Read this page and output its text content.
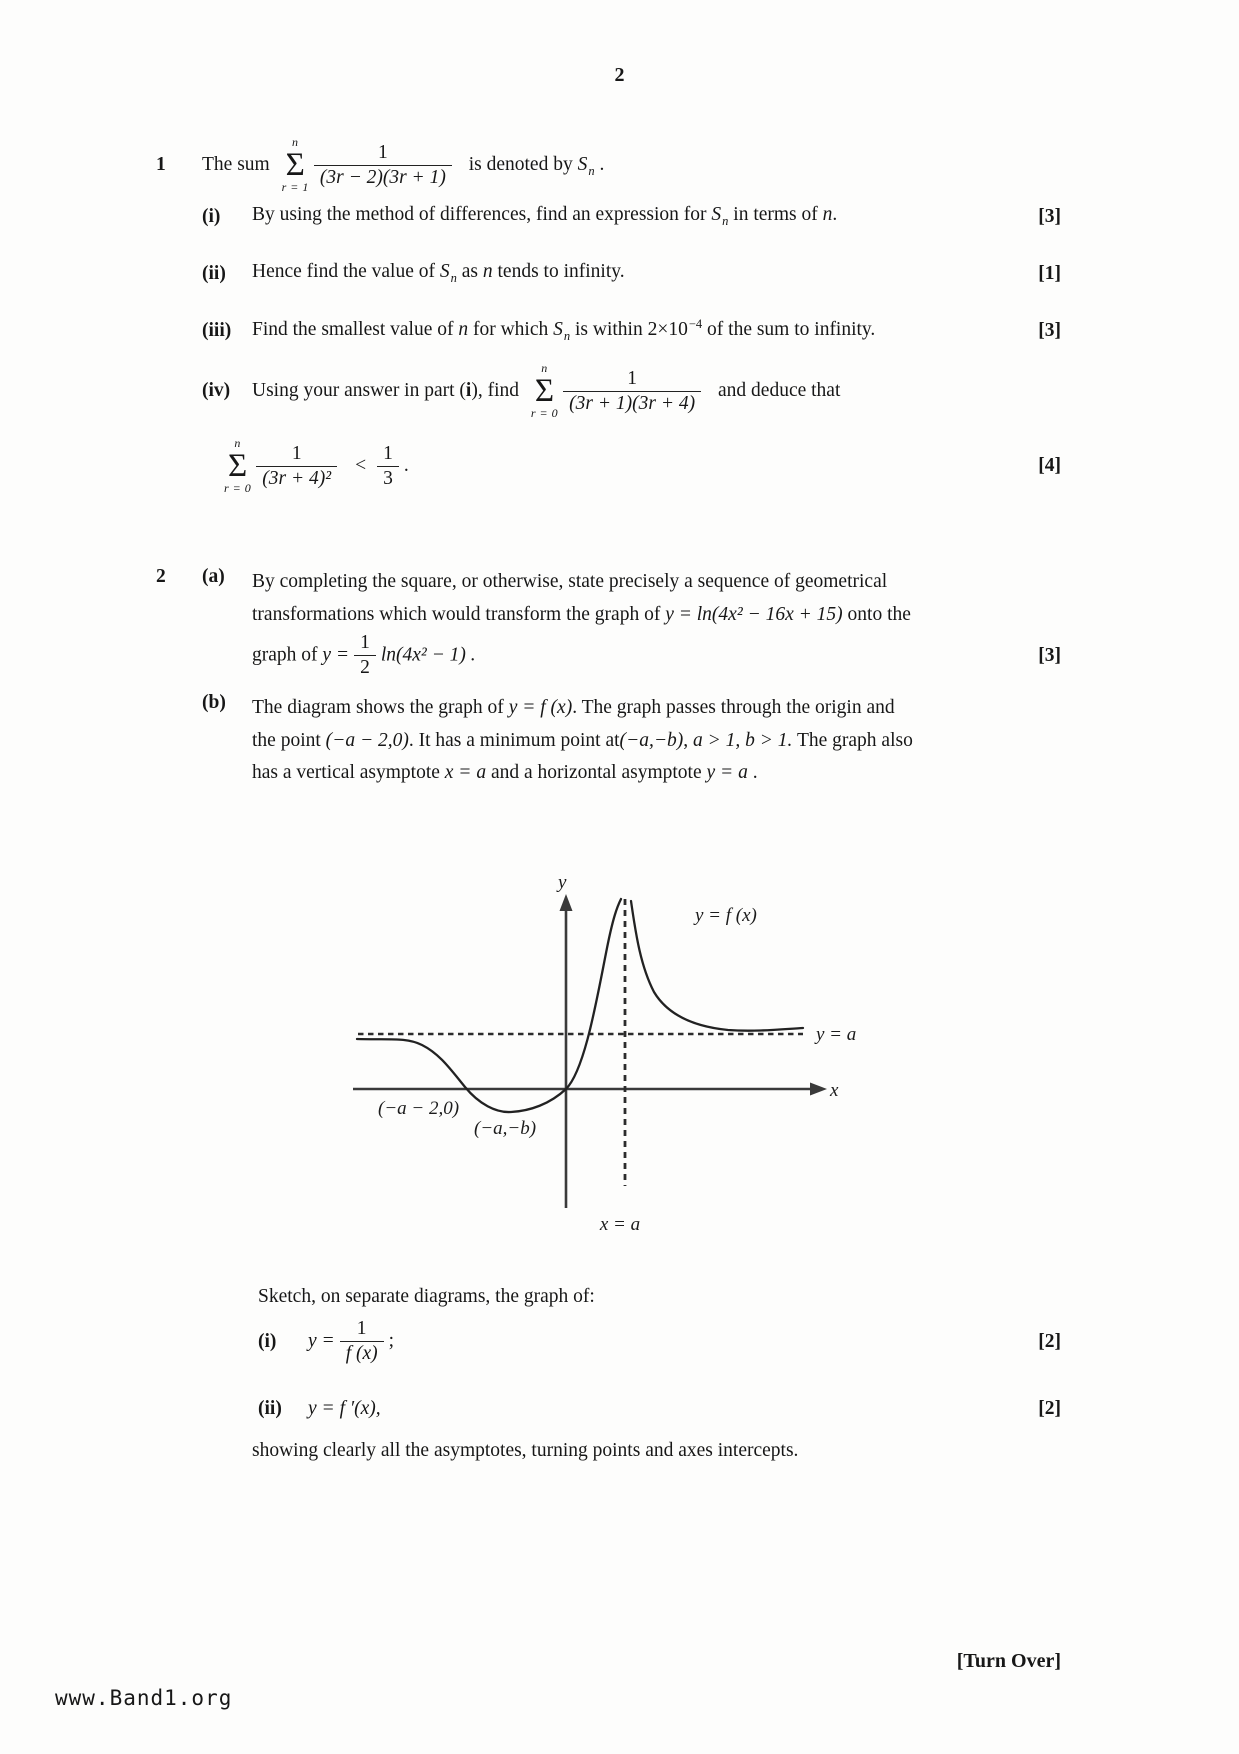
2
1	The sum
n
Σ
$r = 1 \frac{1}{(3r - 2)(3r + 1)}$ is denoted by $S_n$ .
(i)	By using the method of differences, find an expression for $S_n$ in terms of n.	[3]
(ii)	Hence find the value of $S_n$ as n tends to infinity.	[1]
(iii)	Find the smallest value of n for which $S_n$ is within $2\times 10^{-4}$ of the sum to infinity.	[3]
(iv)	Using your answer in part (i), find
n
Σ
$r = 0 \frac{1}{(3r + 1)(3r + 4)}$ and deduce that
n
Σ
$r = 0 \frac{1}{\text{(3r + 4)²}} < \frac{1}{3}$ .	[4]
2	(a)	By completing the square, or otherwise, state precisely a sequence of geometrical
transformations which would transform the graph of y = ln(4x² − 16x + 15) onto the
graph of $y = \frac{1}{2} \ln(4x^2 - 1)$ .	[3]
(b)	The diagram shows the graph of y = f (x). The graph passes through the origin and
the point (−a − 2,0). It has a minimum point at(−a,−b), a > 1, b > 1. The graph also
has a vertical asymptote x = a and a horizontal asymptote y = a .
y
x
y = f (x)
y = a
x = a
(−a − 2,0)
(−a,−b)
Sketch, on separate diagrams, the graph of:
(i)	$y = \frac{1}{f (x)}$ ;	[2]
(ii)	y = f ′(x),	[2]
showing clearly all the asymptotes, turning points and axes intercepts.
[Turn Over]
www.Band1.org
